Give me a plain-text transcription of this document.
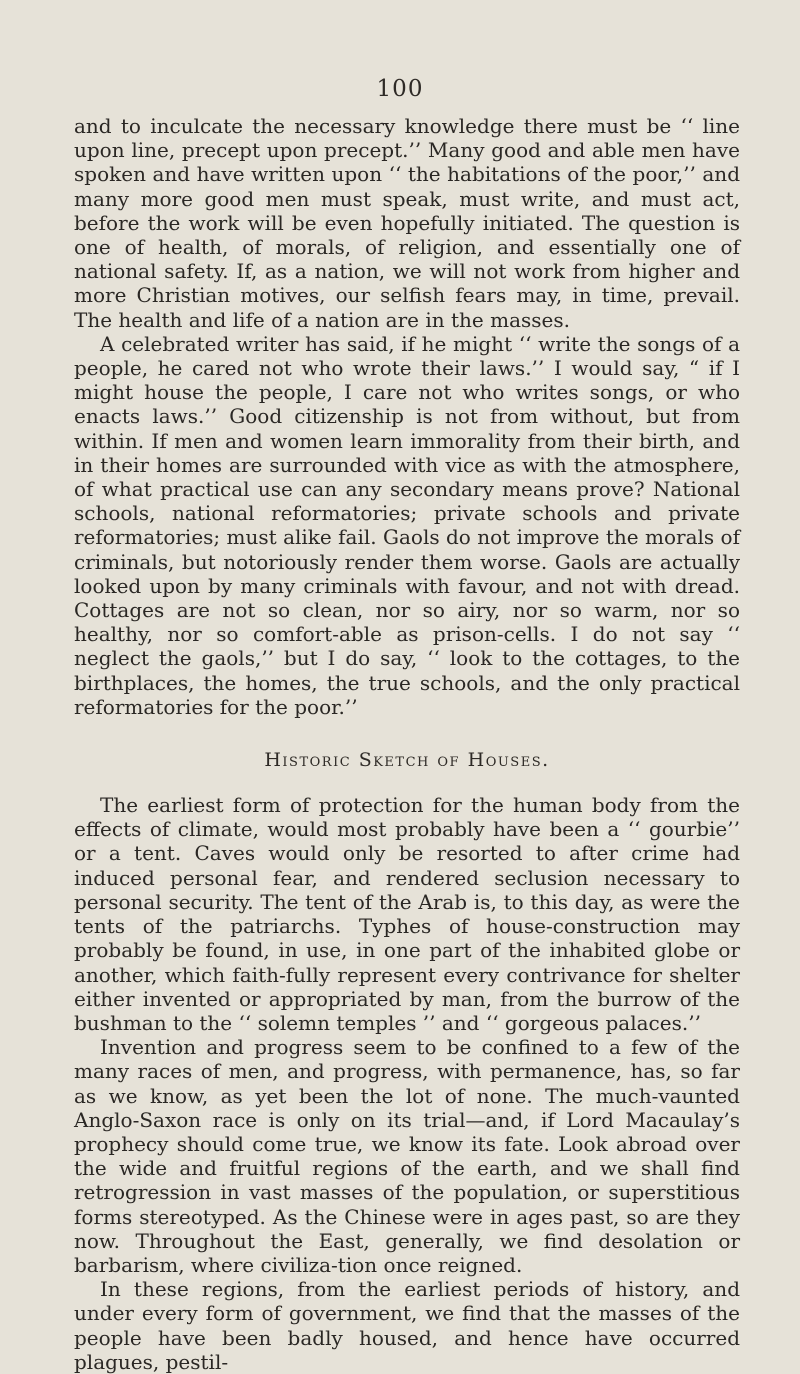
100

and to inculcate the necessary knowledge there must be ‘‘ line upon line, precept upon precept.’’ Many good and able men have spoken and have written upon ‘‘ the habitations of the poor,’’ and many more good men must speak, must write, and must act, before the work will be even hopefully initiated. The question is one of health, of morals, of religion, and essentially one of national safety. If, as a nation, we will not work from higher and more Christian motives, our selfish fears may, in time, prevail. The health and life of a nation are in the masses.

A celebrated writer has said, if he might ‘‘ write the songs of a people, he cared not who wrote their laws.’’ I would say, “ if I might house the people, I care not who writes songs, or who enacts laws.’’ Good citizenship is not from without, but from within. If men and women learn immorality from their birth, and in their homes are surrounded with vice as with the atmosphere, of what practical use can any secondary means prove? National schools, national reformatories; private schools and private reformatories; must alike fail. Gaols do not improve the morals of criminals, but notoriously render them worse. Gaols are actually looked upon by many criminals with favour, and not with dread. Cottages are not so clean, nor so airy, nor so warm, nor so healthy, nor so comfort-able as prison-cells. I do not say ‘‘ neglect the gaols,’’ but I do say, ‘‘ look to the cottages, to the birthplaces, the homes, the true schools, and the only practical reformatories for the poor.’’

Historic Sketch of Houses.

The earliest form of protection for the human body from the effects of climate, would most probably have been a ‘‘ gourbie’’ or a tent. Caves would only be resorted to after crime had induced personal fear, and rendered seclusion necessary to personal security. The tent of the Arab is, to this day, as were the tents of the patriarchs. Typhes of house-construction may probably be found, in use, in one part of the inhabited globe or another, which faith-fully represent every contrivance for shelter either invented or appropriated by man, from the burrow of the bushman to the ‘‘ solemn temples ’’ and ‘‘ gorgeous palaces.’’

Invention and progress seem to be confined to a few of the many races of men, and progress, with permanence, has, so far as we know, as yet been the lot of none. The much-vaunted Anglo-Saxon race is only on its trial—and, if Lord Macaulay’s prophecy should come true, we know its fate. Look abroad over the wide and fruitful regions of the earth, and we shall find retrogression in vast masses of the population, or superstitious forms stereotyped. As the Chinese were in ages past, so are they now. Throughout the East, generally, we find desolation or barbarism, where civiliza-tion once reigned.

In these regions, from the earliest periods of history, and under every form of government, we find that the masses of the people have been badly housed, and hence have occurred plagues, pestil-
